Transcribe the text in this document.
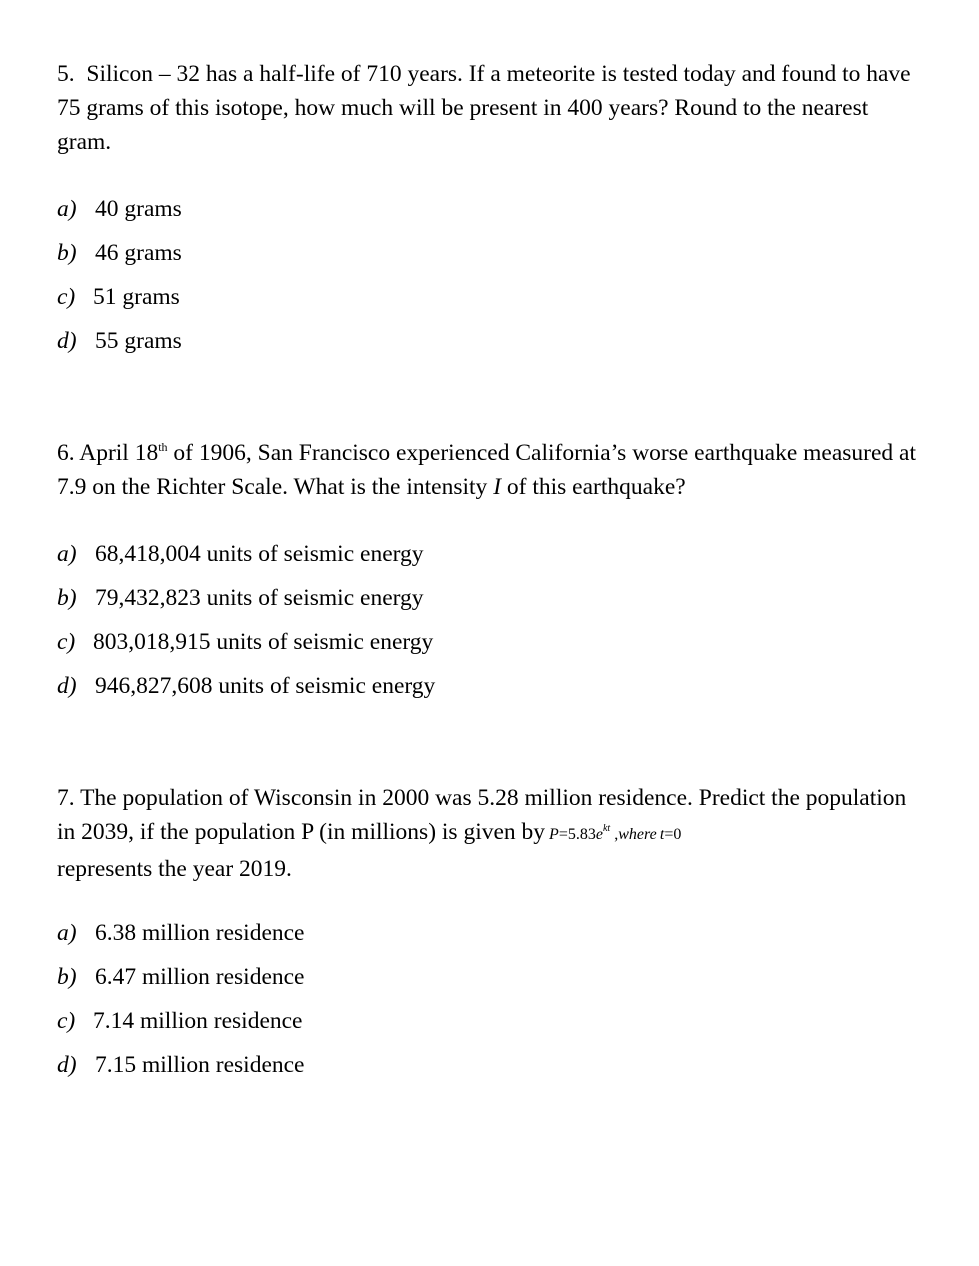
5. Silicon – 32 has a half-life of 710 years. If a meteorite is tested today and found to have 75 grams of this isotope, how much will be present in 400 years? Round to the nearest gram.

a) 40 grams
b) 46 grams
c) 51 grams
d) 55 grams

6. April 18th of 1906, San Francisco experienced California’s worse earthquake measured at 7.9 on the Richter Scale. What is the intensity I of this earthquake?

a) 68,418,004 units of seismic energy
b) 79,432,823 units of seismic energy
c) 803,018,915 units of seismic energy
d) 946,827,608 units of seismic energy

7. The population of Wisconsin in 2000 was 5.28 million residence. Predict the population in 2039, if the population P (in millions) is given by $P=5.83e^{kt}$ ,where  t=0
represents the year 2019.

a) 6.38 million residence
b) 6.47 million residence
c) 7.14 million residence
d) 7.15 million residence
